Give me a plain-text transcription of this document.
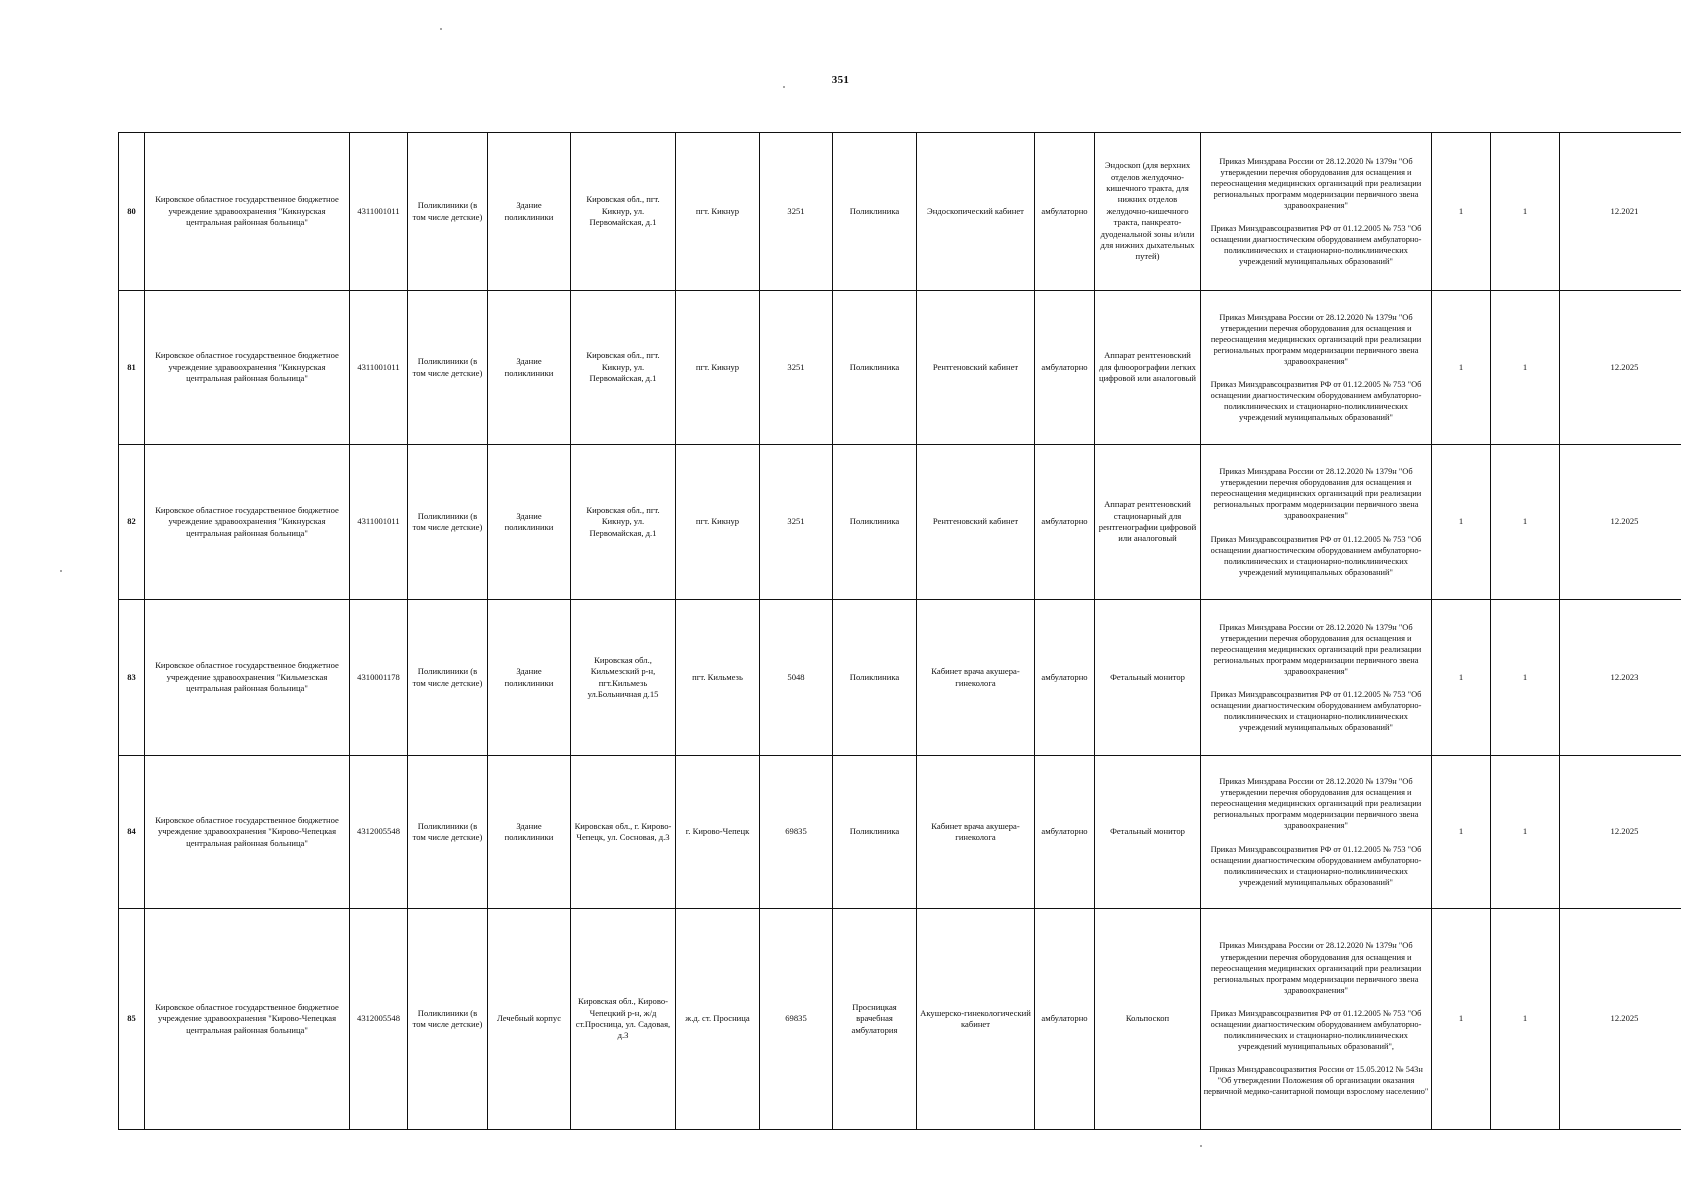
351
80	Кировское областное государственное бюджетное учреждение здравоохранения "Кикнурская центральная районная больница"	4311001011	Поликлиники (в том числе детские)	Здание поликлиники	Кировская обл., пгт. Кикнур, ул. Первомайская, д.1	пгт. Кикнур	3251	Поликлиника	Эндоскопический кабинет	амбулаторно	Эндоскоп (для верхних отделов желудочно-кишечного тракта, для нижних отделов желудочно-кишечного тракта, панкреато-дуоденальной зоны и/или для нижних дыхательных путей)	Приказ Минздрава России от 28.12.2020 № 1379н "Об утверждении перечня оборудования для оснащения и переоснащения медицинских организаций при реализации региональных программ модернизации первичного звена здравоохранения"
Приказ Минздравсоцразвития РФ от 01.12.2005 № 753 "Об оснащении диагностическим оборудованием амбулаторно-поликлинических и стационарно-поликлинических учреждений муниципальных образований"	1	1	12.2021
81	Кировское областное государственное бюджетное учреждение здравоохранения "Кикнурская центральная районная больница"	4311001011	Поликлиники (в том числе детские)	Здание поликлиники	Кировская обл., пгт. Кикнур, ул. Первомайская, д.1	пгт. Кикнур	3251	Поликлиника	Рентгеновский кабинет	амбулаторно	Аппарат рентгеновский для флюорографии легких цифровой или аналоговый	Приказ Минздрава России от 28.12.2020 № 1379н "Об утверждении перечня оборудования для оснащения и переоснащения медицинских организаций при реализации региональных программ модернизации первичного звена здравоохранения"
Приказ Минздравсоцразвития РФ от 01.12.2005 № 753 "Об оснащении диагностическим оборудованием амбулаторно-поликлинических и стационарно-поликлинических учреждений муниципальных образований"	1	1	12.2025
82	Кировское областное государственное бюджетное учреждение здравоохранения "Кикнурская центральная районная больница"	4311001011	Поликлиники (в том числе детские)	Здание поликлиники	Кировская обл., пгт. Кикнур, ул. Первомайская, д.1	пгт. Кикнур	3251	Поликлиника	Рентгеновский кабинет	амбулаторно	Аппарат рентгеновский стационарный для рентгенографии цифровой или аналоговый	Приказ Минздрава России от 28.12.2020 № 1379н "Об утверждении перечня оборудования для оснащения и переоснащения медицинских организаций при реализации региональных программ модернизации первичного звена здравоохранения"
Приказ Минздравсоцразвития РФ от 01.12.2005 № 753 "Об оснащении диагностическим оборудованием амбулаторно-поликлинических и стационарно-поликлинических учреждений муниципальных образований"	1	1	12.2025
83	Кировское областное государственное бюджетное учреждение здравоохранения "Кильмезская центральная районная больница"	4310001178	Поликлиники (в том числе детские)	Здание поликлиники	Кировская обл., Кильмезский р-н, пгт.Кильмезь ул.Больничная д.15	пгт. Кильмезь	5048	Поликлиника	Кабинет врача акушера-гинеколога	амбулаторно	Фетальный монитор	Приказ Минздрава России от 28.12.2020 № 1379н "Об утверждении перечня оборудования для оснащения и переоснащения медицинских организаций при реализации региональных программ модернизации первичного звена здравоохранения"
Приказ Минздравсоцразвития РФ от 01.12.2005 № 753 "Об оснащении диагностическим оборудованием амбулаторно-поликлинических и стационарно-поликлинических учреждений муниципальных образований"	1	1	12.2023
84	Кировское областное государственное бюджетное учреждение здравоохранения "Кирово-Чепецкая центральная районная больница"	4312005548	Поликлиники (в том числе детские)	Здание поликлиники	Кировская обл., г. Кирово-Чепецк, ул. Сосновая, д.3	г. Кирово-Чепецк	69835	Поликлиника	Кабинет врача акушера-гинеколога	амбулаторно	Фетальный монитор	Приказ Минздрава России от 28.12.2020 № 1379н "Об утверждении перечня оборудования для оснащения и переоснащения медицинских организаций при реализации региональных программ модернизации первичного звена здравоохранения"
Приказ Минздравсоцразвития РФ от 01.12.2005 № 753 "Об оснащении диагностическим оборудованием амбулаторно-поликлинических и стационарно-поликлинических учреждений муниципальных образований"	1	1	12.2025
85	Кировское областное государственное бюджетное учреждение здравоохранения "Кирово-Чепецкая центральная районная больница"	4312005548	Поликлиники (в том числе детские)	Лечебный корпус	Кировская обл., Кирово-Чепецкий р-н, ж/д ст.Просница, ул. Садовая, д.3	ж.д. ст. Просница	69835	Просницкая врачебная амбулатория	Акушерско-гинекологический кабинет	амбулаторно	Кольпоскоп	Приказ Минздрава России от 28.12.2020 № 1379н "Об утверждении перечня оборудования для оснащения и переоснащения медицинских организаций при реализации региональных программ модернизации первичного звена здравоохранения"
Приказ Минздравсоцразвития РФ от 01.12.2005 № 753 "Об оснащении диагностическим оборудованием амбулаторно-поликлинических и стационарно-поликлинических учреждений муниципальных образований",
Приказ Минздравсоцразвития России от 15.05.2012 № 543н "Об утверждении Положения об организации оказания первичной медико-санитарной помощи взрослому населению"	1	1	12.2025
